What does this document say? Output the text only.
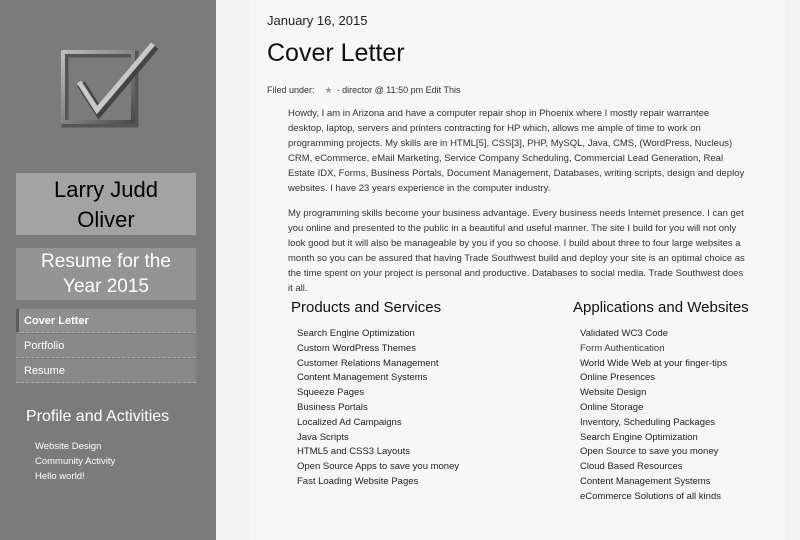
Larry Judd
Oliver
Resume for the
Year 2015
Cover Letter
Portfolio
Resume
Profile and Activities
Website Design
Community Activity
Hello world!
January 16, 2015
Cover Letter
Filed under: ★ - director @ 11:50 pm Edit This

Howdy, I am in Arizona and have a computer repair shop in Phoenix where I mostly repair warrantee desktop, laptop, servers and printers contracting for HP which, allows me ample of time to work on programming projects. My skills are in HTML[5], CSS[3], PHP, MySQL, Java, CMS, (WordPress, Nucleus) CRM, eCommerce, eMail Marketing, Service Company Scheduling, Commercial Lead Generation, Real Estate IDX, Forms, Business Portals, Document Management, Databases, writing scripts, design and deploy websites. I have 23 years experience in the computer industry.

My programming skills become your business advantage. Every business needs Internet presence. I can get you online and presented to the public in a beautiful and useful manner. The site I build for you will not only look good but it will also be manageable by you if you so choose. I build about three to four large websites a month so you can be assured that having Trade Southwest build and deploy your site is an optimal choice as the time spent on your project is personal and productive. Databases to social media. Trade Southwest does it all.

Products and Services
Search Engine Optimization
Custom WordPress Themes
Customer Relations Management
Content Management Systems
Squeeze Pages
Business Portals
Localized Ad Campaigns
Java Scripts
HTML5 and CSS3 Layouts
Open Source Apps to save you money
Fast Loading Website Pages
Applications and Websites
Validated WC3 Code
Form Authentication
World Wide Web at your finger-tips
Online Presences
Website Design
Online Storage
Inventory, Scheduling Packages
Search Engine Optimization
Open Source to save you money
Cloud Based Resources
Content Management Systems
eCommerce Solutions of all kinds
